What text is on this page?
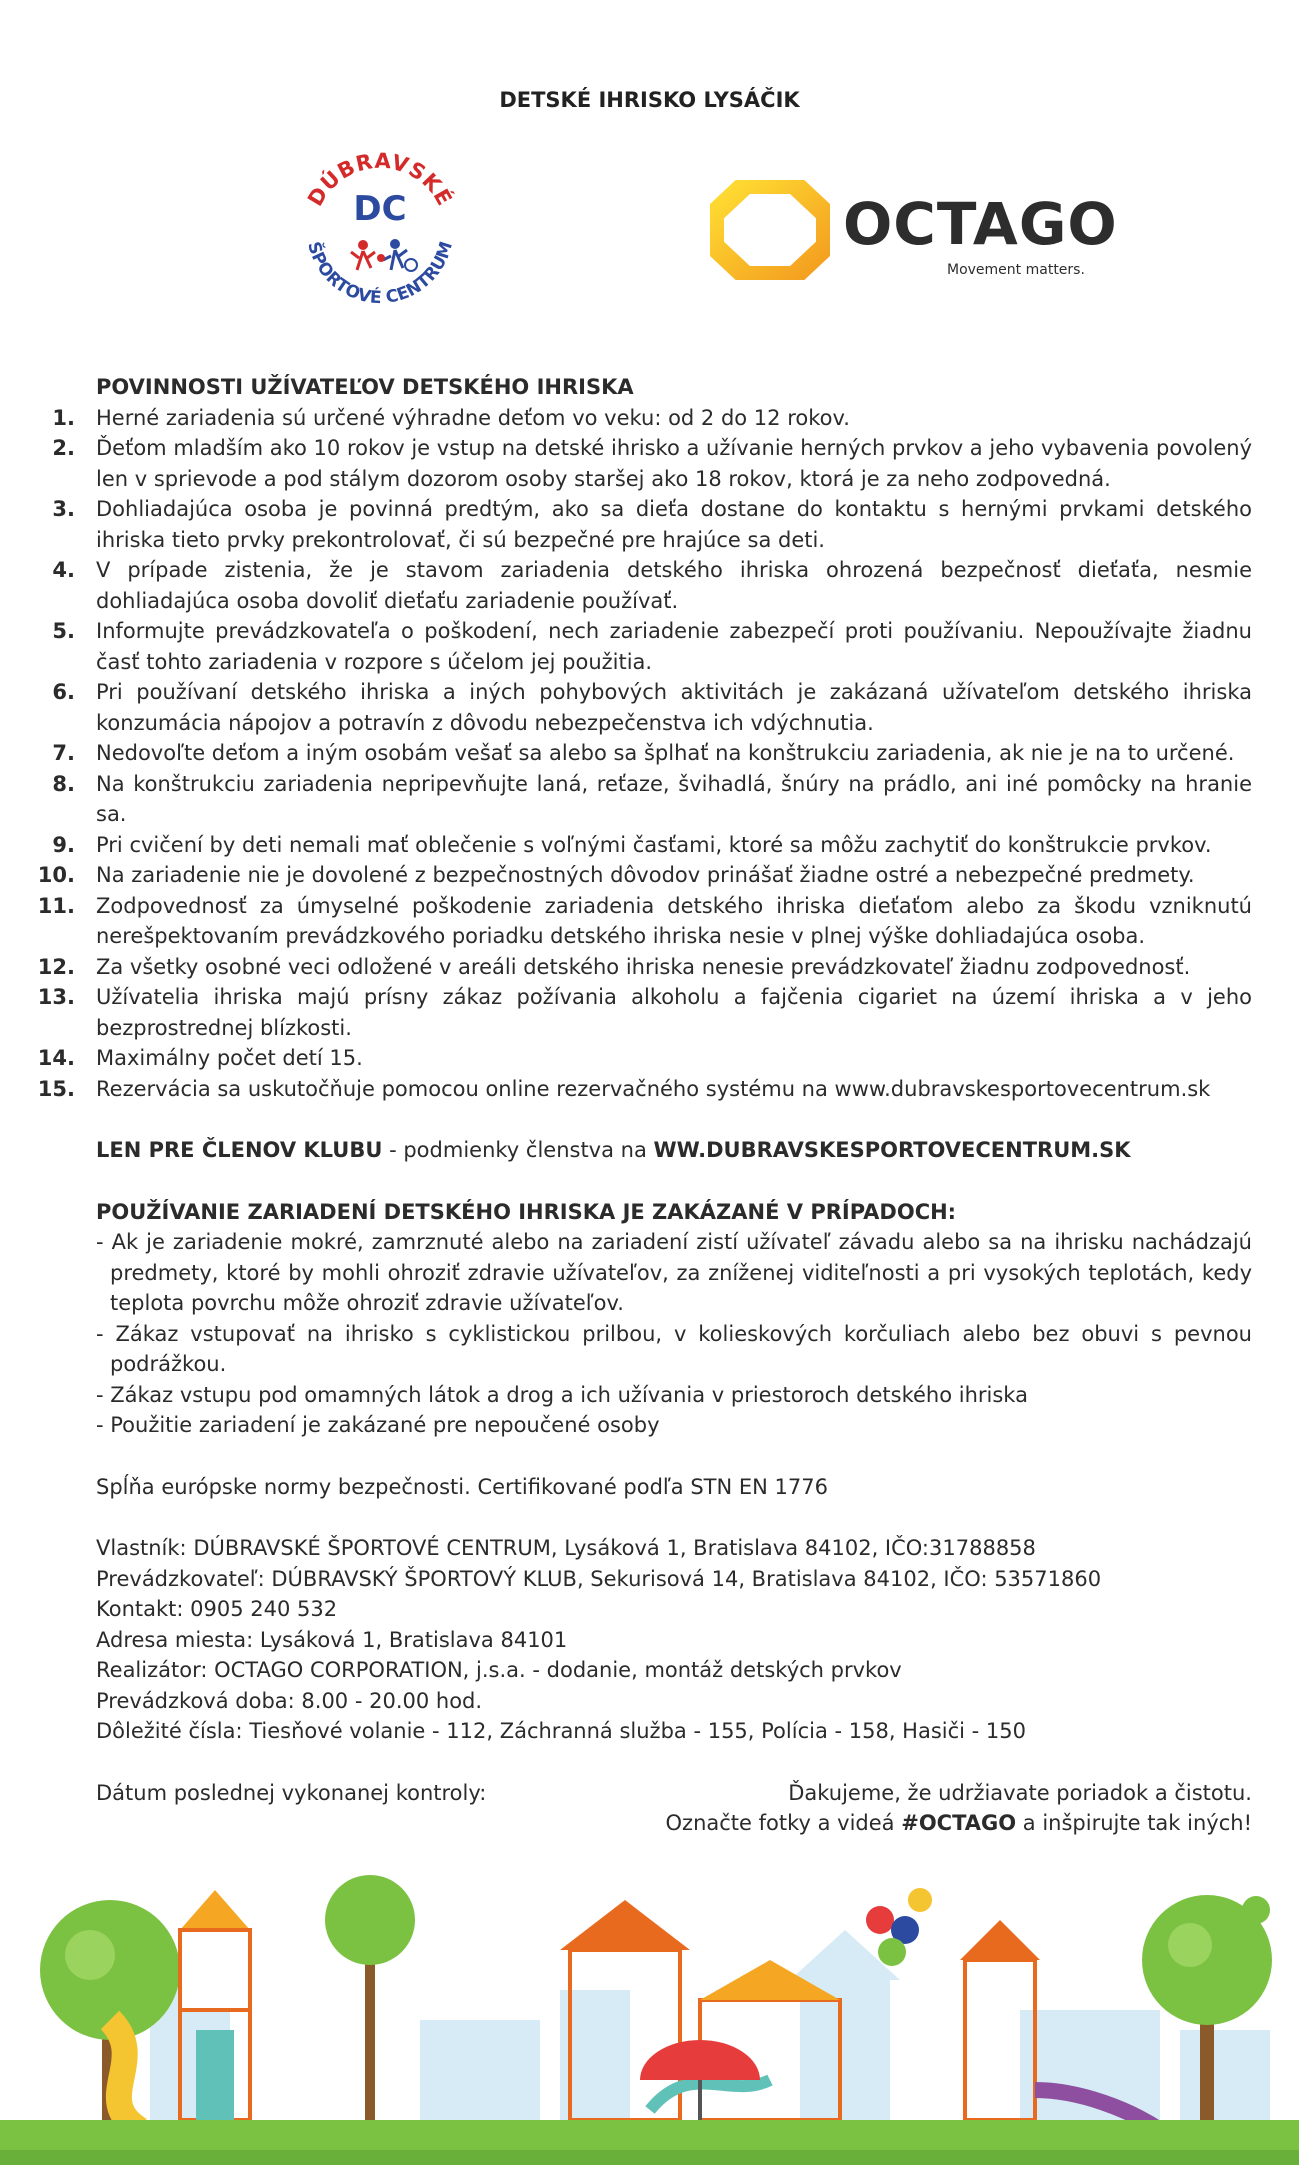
DETSKÉ IHRISKO LYSÁČIK
DÚBRAVSKÉ
ŠPORTOVÉ CENTRUM
DC	OCTAGO
Movement matters.

POVINNOSTI UŽÍVATEĽOV DETSKÉHO IHRISKA

1. Herné zariadenia sú určené výhradne deťom vo veku: od 2 do 12 rokov.
2. Ďeťom mladším ako 10 rokov je vstup na detské ihrisko a užívanie herných prvkov a jeho vybavenia povolený len v sprievode a pod stálym dozorom osoby staršej ako 18 rokov, ktorá je za neho zodpovedná.
3. Dohliadajúca osoba je povinná predtým, ako sa dieťa dostane do kontaktu s hernými prvkami detského ihriska tieto prvky prekontrolovať, či sú bezpečné pre hrajúce sa deti.
4. V prípade zistenia, že je stavom zariadenia detského ihriska ohrozená bezpečnosť dieťaťa, nesmie dohliadajúca osoba dovoliť dieťaťu zariadenie používať.
5. Informujte prevádzkovateľa o poškodení, nech zariadenie zabezpečí proti používaniu. Nepoužívajte žiadnu časť tohto zariadenia v rozpore s účelom jej použitia.
6. Pri používaní detského ihriska a iných pohybových aktivitách je zakázaná užívateľom detského ihriska konzumácia nápojov a potravín z dôvodu nebezpečenstva ich vdýchnutia.
7. Nedovoľte deťom a iným osobám vešať sa alebo sa šplhať na konštrukciu zariadenia, ak nie je na to určené.
8. Na konštrukciu zariadenia nepripevňujte laná, reťaze, švihadlá, šnúry na prádlo, ani iné pomôcky na hranie sa.
9. Pri cvičení by deti nemali mať oblečenie s voľnými časťami, ktoré sa môžu zachytiť do konštrukcie prvkov.
10. Na zariadenie nie je dovolené z bezpečnostných dôvodov prinášať žiadne ostré a nebezpečné predmety.
11. Zodpovednosť za úmyselné poškodenie zariadenia detského ihriska dieťaťom alebo za škodu vzniknutú nerešpektovaním prevádzkového poriadku detského ihriska nesie v plnej výške dohliadajúca osoba.
12. Za všetky osobné veci odložené v areáli detského ihriska nenesie prevádzkovateľ žiadnu zodpovednosť.
13. Užívatelia ihriska majú prísny zákaz požívania alkoholu a fajčenia cigariet na území ihriska a v jeho bezprostrednej blízkosti.
14. Maximálny počet detí 15.
15. Rezervácia sa uskutočňuje pomocou online rezervačného systému na www.dubravskesportovecentrum.sk
LEN PRE ČLENOV KLUBU - podmienky členstva na WW.DUBRAVSKESPORTOVECENTRUM.SK

POUŽÍVANIE ZARIADENÍ DETSKÉHO IHRISKA JE ZAKÁZANÉ V PRÍPADOCH:

- Ak je zariadenie mokré, zamrznuté alebo na zariadení zistí užívateľ závadu alebo sa na ihrisku nachádzajú predmety, ktoré by mohli ohroziť zdravie užívateľov, za zníženej viditeľnosti a pri vysokých teplotách, kedy teplota povrchu môže ohroziť zdravie užívateľov.
- Zákaz vstupovať na ihrisko s cyklistickou prilbou, v kolieskových korčuliach alebo bez obuvi s pevnou podrážkou.
- Zákaz vstupu pod omamných látok a drog a ich užívania v priestoroch detského ihriska
- Použitie zariadení je zakázané pre nepoučené osoby
Spĺňa európske normy bezpečnosti. Certifikované podľa STN EN 1776
Vlastník: DÚBRAVSKÉ ŠPORTOVÉ CENTRUM, Lysáková 1, Bratislava 84102, IČO:31788858
Prevádzkovateľ: DÚBRAVSKÝ ŠPORTOVÝ KLUB, Sekurisová 14, Bratislava 84102, IČO: 53571860
Kontakt: 0905 240 532
Adresa miesta: Lysáková 1, Bratislava 84101
Realizátor: OCTAGO CORPORATION, j.s.a. - dodanie, montáž detských prvkov
Prevádzková doba: 8.00 - 20.00 hod.
Dôležité čísla: Tiesňové volanie - 112, Záchranná služba - 155, Polícia - 158, Hasiči - 150
Dátum poslednej vykonanej kontroly:	Ďakujeme, že udržiavate poriadok a čistotu.
Označte fotky a videá #OCTAGO a inšpirujte tak iných!
